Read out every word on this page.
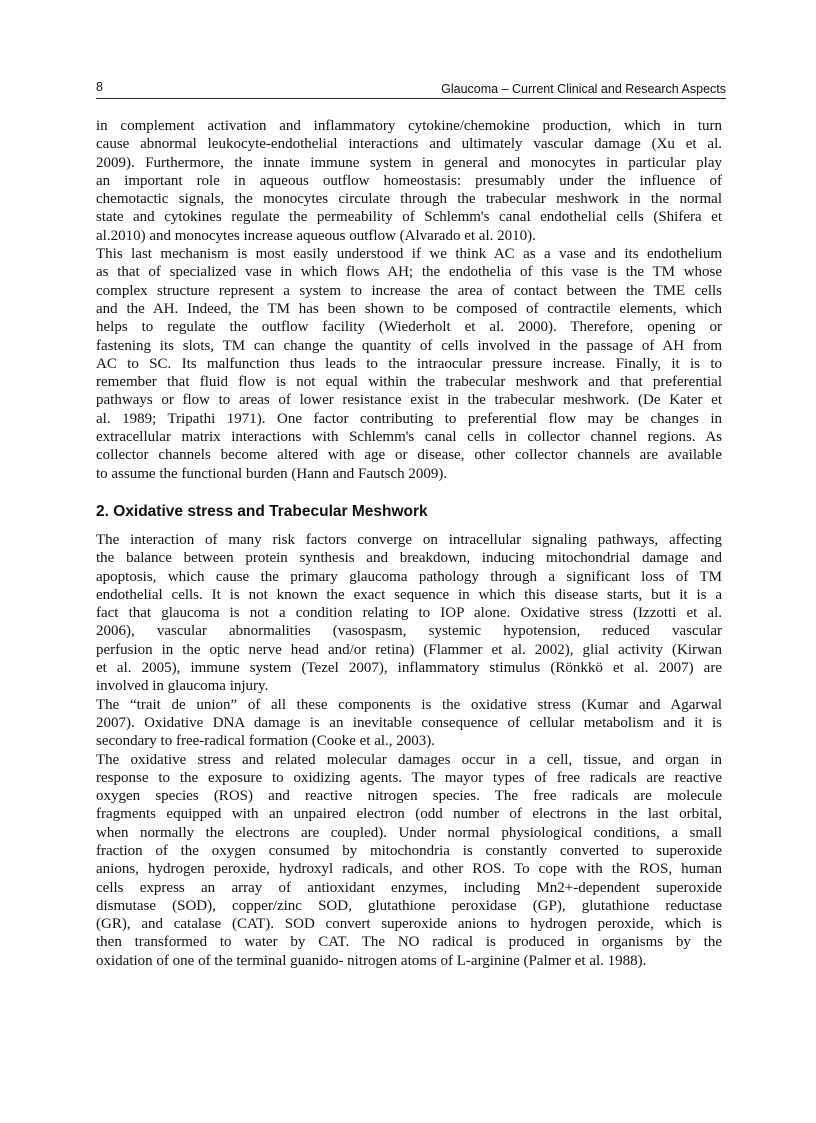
8	Glaucoma – Current Clinical and Research Aspects
in complement activation and inflammatory cytokine/chemokine production, which in turn
cause abnormal leukocyte-endothelial interactions and ultimately vascular damage (Xu et al.
2009). Furthermore, the innate immune system in general and monocytes in particular play
an important role in aqueous outflow homeostasis: presumably under the influence of
chemotactic signals, the monocytes circulate through the trabecular meshwork in the normal
state and cytokines regulate the permeability of Schlemm's canal endothelial cells (Shifera et
al.2010) and monocytes increase aqueous outflow (Alvarado et al. 2010).
This last mechanism is most easily understood if we think AC as a vase and its endothelium
as that of specialized vase in which flows AH; the endothelia of this vase is the TM whose
complex structure represent a system to increase the area of contact between the TME cells
and the AH. Indeed, the TM has been shown to be composed of contractile elements, which
helps to regulate the outflow facility (Wiederholt et al. 2000). Therefore, opening or
fastening its slots, TM can change the quantity of cells involved in the passage of AH from
AC to SC. Its malfunction thus leads to the intraocular pressure increase. Finally, it is to
remember that fluid flow is not equal within the trabecular meshwork and that preferential
pathways or flow to areas of lower resistance exist in the trabecular meshwork. (De Kater et
al. 1989; Tripathi 1971). One factor contributing to preferential flow may be changes in
extracellular matrix interactions with Schlemm's canal cells in collector channel regions. As
collector channels become altered with age or disease, other collector channels are available
to assume the functional burden (Hann and Fautsch 2009).
2. Oxidative stress and Trabecular Meshwork
The interaction of many risk factors converge on intracellular signaling pathways, affecting
the balance between protein synthesis and breakdown, inducing mitochondrial damage and
apoptosis, which cause the primary glaucoma pathology through a significant loss of TM
endothelial cells. It is not known the exact sequence in which this disease starts, but it is a
fact that glaucoma is not a condition relating to IOP alone. Oxidative stress (Izzotti et al.
2006), vascular abnormalities (vasospasm, systemic hypotension, reduced vascular
perfusion in the optic nerve head and/or retina) (Flammer et al. 2002), glial activity (Kirwan
et al. 2005), immune system (Tezel 2007), inflammatory stimulus (Rönkkö et al. 2007) are
involved in glaucoma injury.
The “trait de union” of all these components is the oxidative stress (Kumar and Agarwal
2007). Oxidative DNA damage is an inevitable consequence of cellular metabolism and it is
secondary to free-radical formation (Cooke et al., 2003).
The oxidative stress and related molecular damages occur in a cell, tissue, and organ in
response to the exposure to oxidizing agents. The mayor types of free radicals are reactive
oxygen species (ROS) and reactive nitrogen species. The free radicals are molecule
fragments equipped with an unpaired electron (odd number of electrons in the last orbital,
when normally the electrons are coupled). Under normal physiological conditions, a small
fraction of the oxygen consumed by mitochondria is constantly converted to superoxide
anions, hydrogen peroxide, hydroxyl radicals, and other ROS. To cope with the ROS, human
cells express an array of antioxidant enzymes, including Mn2+-dependent superoxide
dismutase (SOD), copper/zinc SOD, glutathione peroxidase (GP), glutathione reductase
(GR), and catalase (CAT). SOD convert superoxide anions to hydrogen peroxide, which is
then transformed to water by CAT. The NO radical is produced in organisms by the
oxidation of one of the terminal guanido- nitrogen atoms of L-arginine (Palmer et al. 1988).
